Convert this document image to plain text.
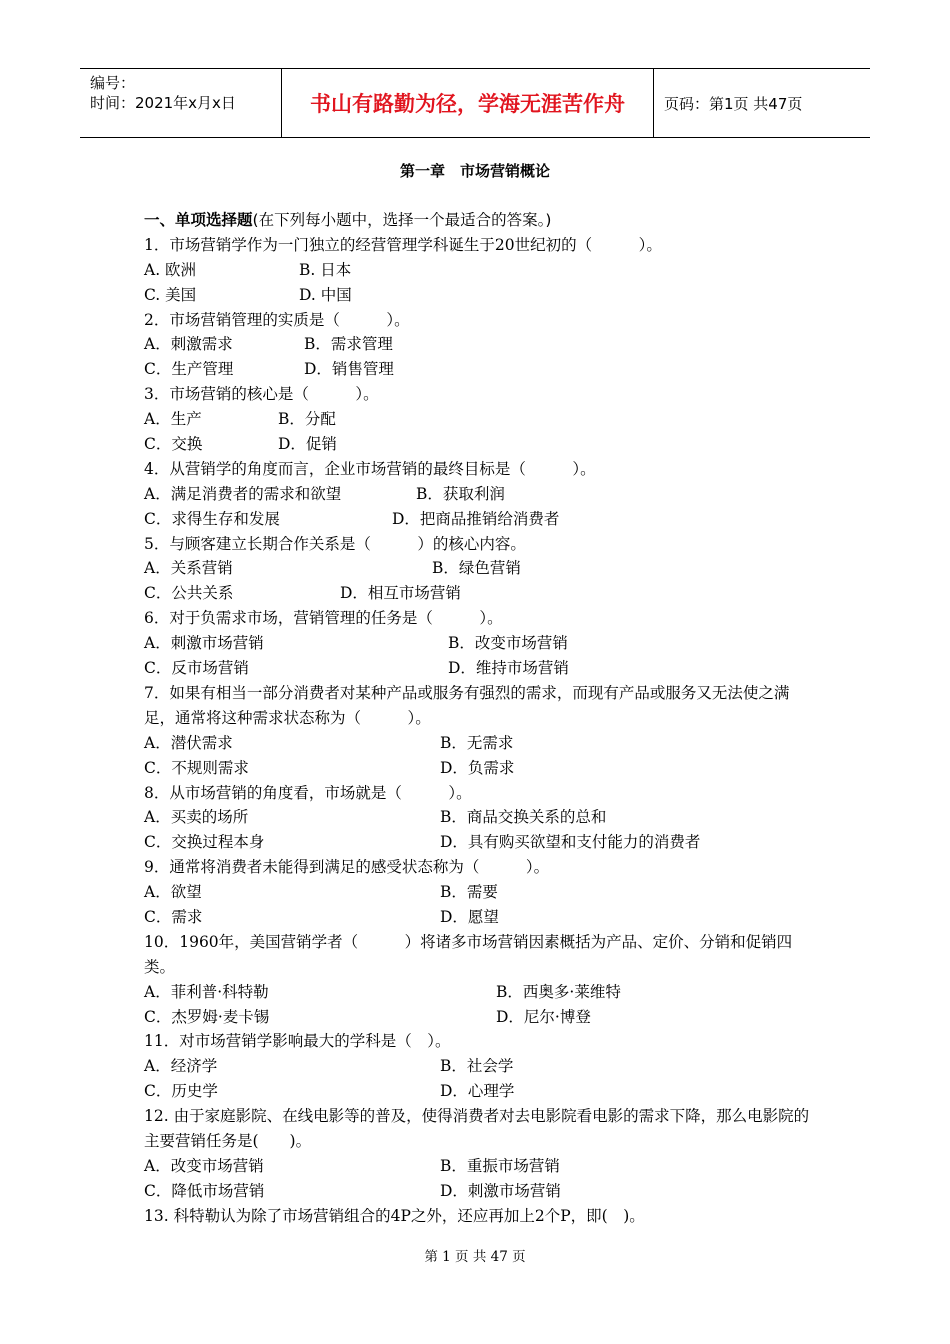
编号：
时间：2021年x月x日	书山有路勤为径，学海无涯苦作舟	页码：第1页 共47页
第一章　市场营销概论
一、单项选择题(在下列每小题中，选择一个最适合的答案。)
1．市场营销学作为一门独立的经营管理学科诞生于20世纪初的（　　　）。
A. 欧洲	B. 日本
C. 美国	D. 中国
2．市场营销管理的实质是（　　　）。
A．刺激需求	B．需求管理
C．生产管理	D．销售管理
3．市场营销的核心是（　　　）。
A．生产	B．分配
C．交换	D．促销
4．从营销学的角度而言，企业市场营销的最终目标是（　　　）。
A．满足消费者的需求和欲望	B．获取利润
C．求得生存和发展	D．把商品推销给消费者
5．与顾客建立长期合作关系是（　　　）的核心内容。
A．关系营销	B．绿色营销
C．公共关系	D．相互市场营销
6．对于负需求市场，营销管理的任务是（　　　）。
A．刺激市场营销	B．改变市场营销
C．反市场营销	D．维持市场营销
7．如果有相当一部分消费者对某种产品或服务有强烈的需求，而现有产品或服务又无法使之满足，通常将这种需求状态称为（　　　）。
A．潜伏需求	B．无需求
C．不规则需求	D．负需求
8．从市场营销的角度看，市场就是（　　　）。
A．买卖的场所	B．商品交换关系的总和
C．交换过程本身	D．具有购买欲望和支付能力的消费者
9．通常将消费者未能得到满足的感受状态称为（　　　）。
A．欲望	B．需要
C．需求	D．愿望
10．1960年，美国营销学者（　　　）将诸多市场营销因素概括为产品、定价、分销和促销四类。
A．菲利普·科特勒	B．西奥多·莱维特
C．杰罗姆·麦卡锡	D．尼尔·博登
11．对市场营销学影响最大的学科是（　）。
A．经济学	B．社会学
C．历史学	D．心理学
12. 由于家庭影院、在线电影等的普及，使得消费者对去电影院看电影的需求下降，那么电影院的主要营销任务是(　　)。
A．改变市场营销	B．重振市场营销
C．降低市场营销	D．刺激市场营销
13. 科特勒认为除了市场营销组合的4P之外，还应再加上2个P，即(　)。
第 1 页 共 47 页
